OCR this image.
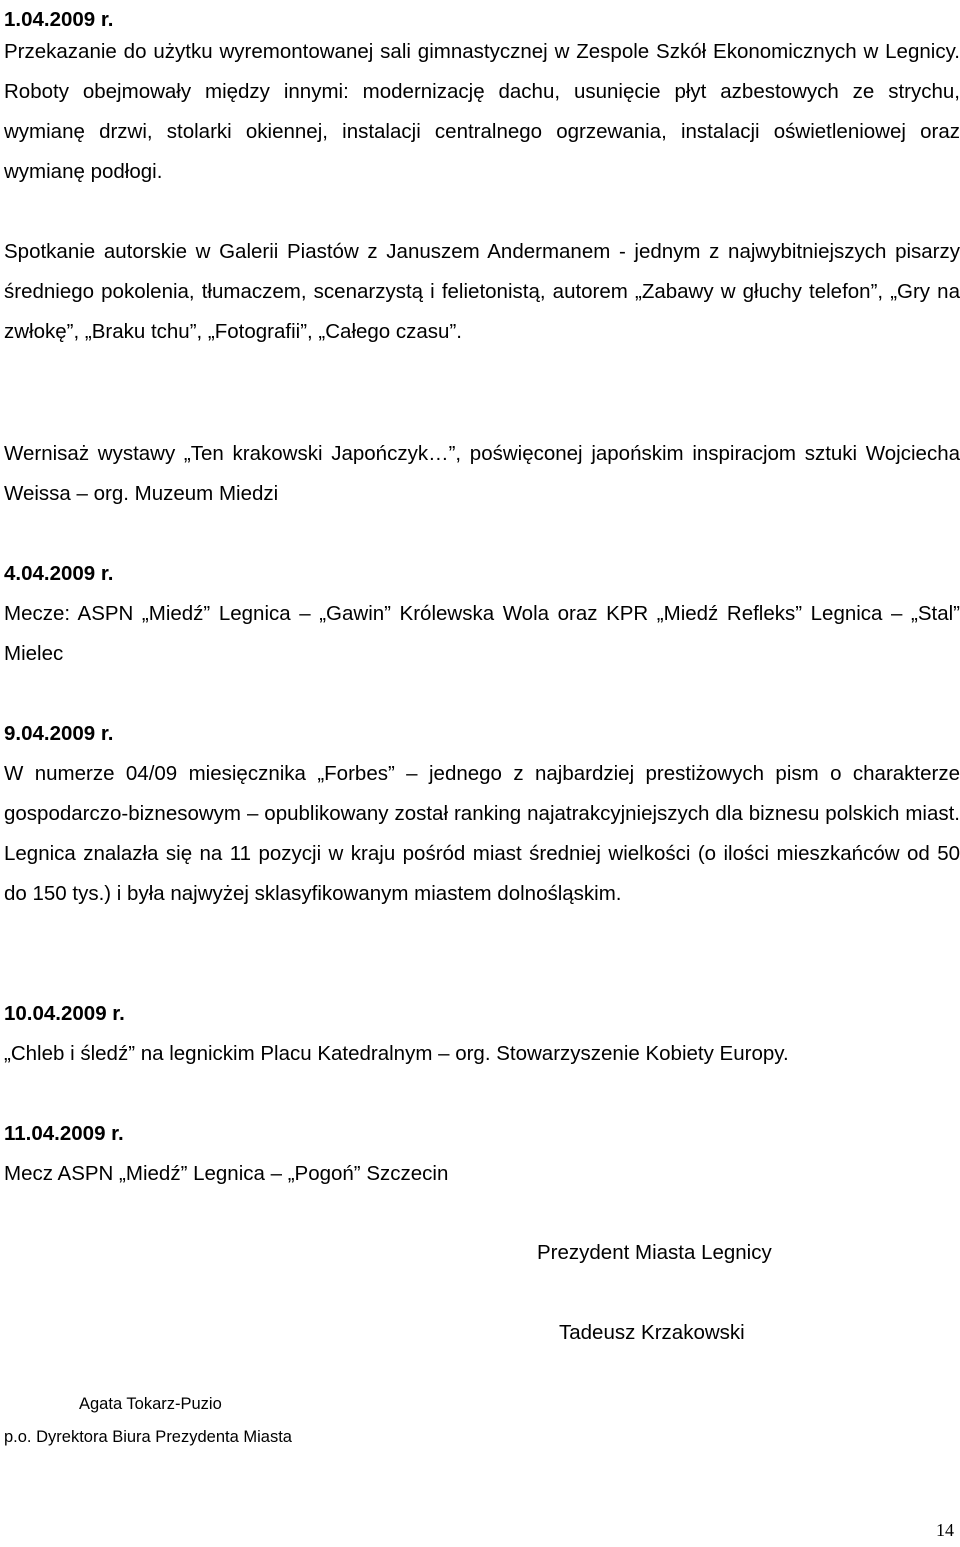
1.04.2009 r.

Przekazanie do użytku wyremontowanej sali gimnastycznej w Zespole Szkół Ekonomicznych w Legnicy. Roboty obejmowały między innymi: modernizację dachu, usunięcie płyt azbestowych ze strychu, wymianę drzwi, stolarki okiennej, instalacji centralnego ogrzewania, instalacji oświetleniowej oraz wymianę podłogi.

Spotkanie autorskie w Galerii Piastów z Januszem Andermanem - jednym z najwybitniejszych pisarzy średniego pokolenia, tłumaczem, scenarzystą i felietonistą, autorem „Zabawy w głuchy telefon”, „Gry na zwłokę”, „Braku tchu”, „Fotografii”, „Całego czasu”.

Wernisaż wystawy „Ten krakowski Japończyk…”, poświęconej japońskim inspiracjom sztuki Wojciecha Weissa – org. Muzeum Miedzi

4.04.2009 r.
Mecze: ASPN „Miedź” Legnica – „Gawin” Królewska Wola oraz KPR „Miedź Refleks” Legnica – „Stal” Mielec
9.04.2009 r.
W numerze 04/09 miesięcznika „Forbes” – jednego z najbardziej prestiżowych pism o charakterze gospodarczo-biznesowym – opublikowany został ranking najatrakcyjniejszych dla biznesu polskich miast. Legnica znalazła się na 11 pozycji w kraju pośród miast średniej wielkości (o ilości mieszkańców od 50 do 150 tys.) i była najwyżej sklasyfikowanym miastem dolnośląskim.
10.04.2009 r.
„Chleb i śledź” na legnickim Placu Katedralnym – org. Stowarzyszenie Kobiety Europy.
11.04.2009 r.
Mecz ASPN „Miedź” Legnica – „Pogoń” Szczecin
Prezydent Miasta Legnicy
Tadeusz Krzakowski
Agata Tokarz-Puzio
p.o. Dyrektora Biura Prezydenta Miasta
14
